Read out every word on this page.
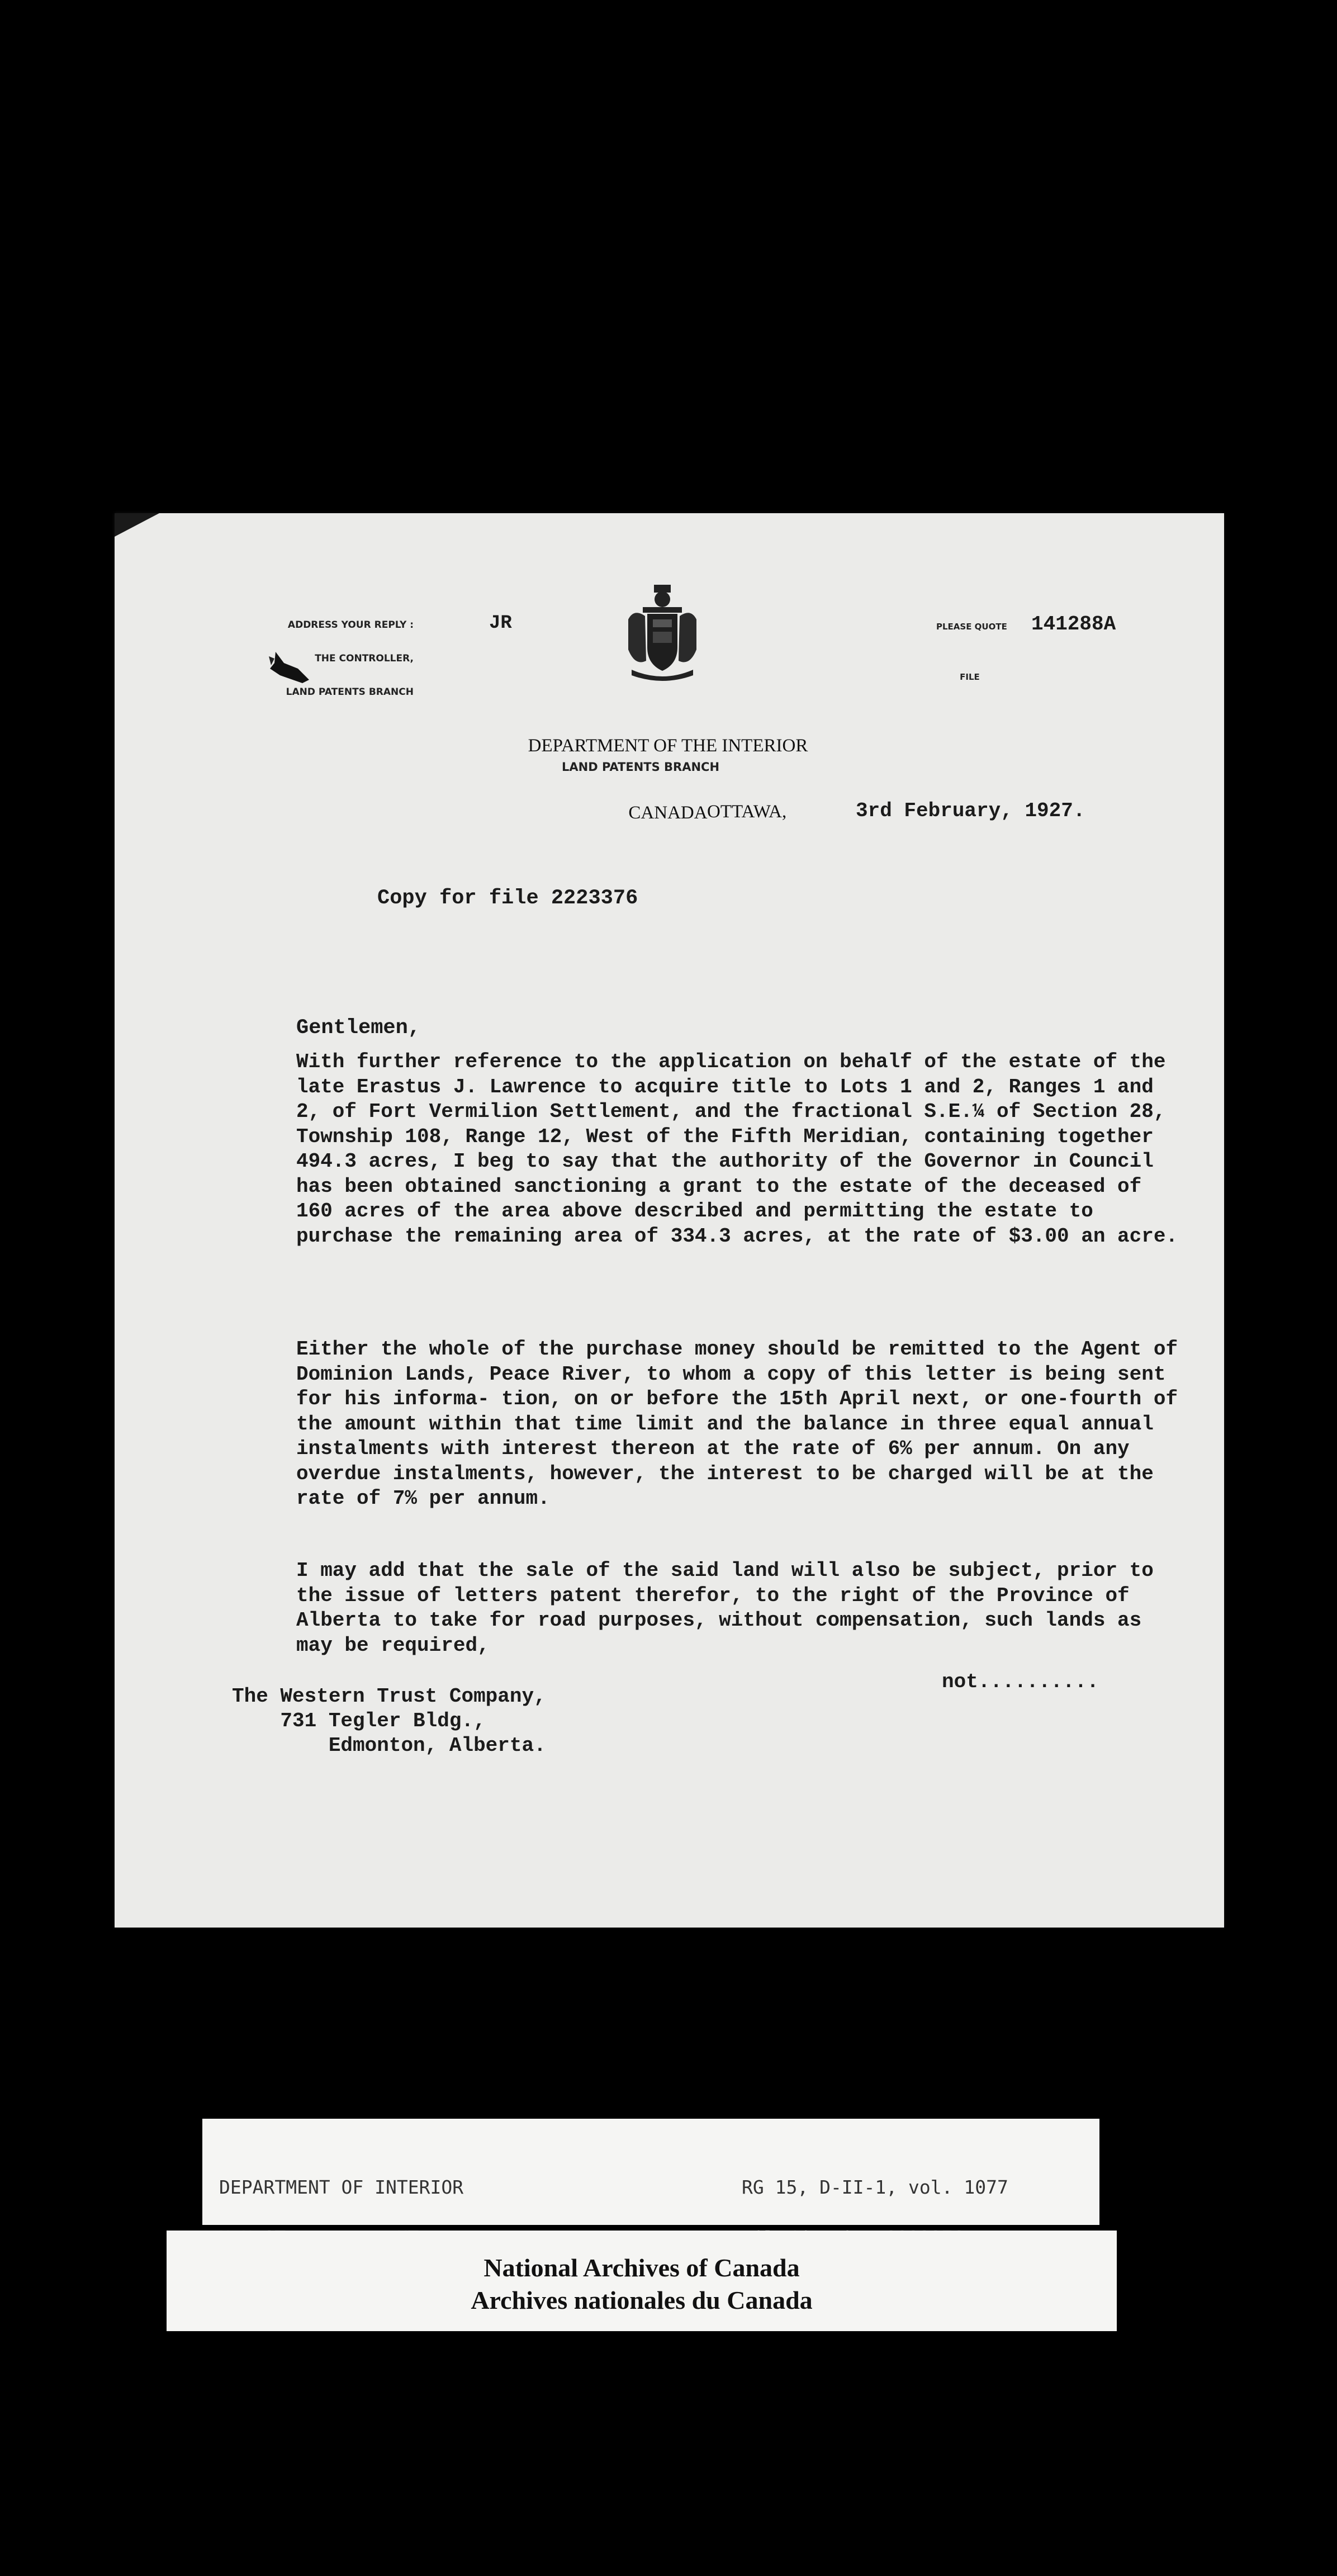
ADDRESS YOUR REPLY :

THE CONTROLLER,

LAND PATENTS BRANCH

JR

DEPARTMENT OF THE INTERIOR

CANADA

LAND PATENTS BRANCH

PLEASE QUOTE

FILE

141288A
OTTAWA,	3rd February, 1927.
Copy for file 2223376
Gentlemen,
With further reference to the application on behalf of the estate of the late Erastus J. Lawrence to acquire title to Lots 1 and 2, Ranges 1 and 2, of Fort Vermilion Settlement, and the fractional S.E.¼ of Section 28, Township 108, Range 12, West of the Fifth Meridian, containing together 494.3 acres, I beg to say that the authority of the Governor in Council has been obtained sanctioning a grant to the estate of the deceased of 160 acres of the area above described and permitting the estate to purchase the remaining area of 334.3 acres, at the rate of $3.00 an acre.
Either the whole of the purchase money should be remitted to the Agent of Dominion Lands, Peace River, to whom a copy of this letter is being sent for his informa- tion, on or before the 15th April next, or one-fourth of the amount within that time limit and the balance in three equal annual instalments with interest thereon at the rate of 6% per annum. On any overdue instalments, however, the interest to be charged will be at the rate of 7% per annum.
I may add that the sale of the said land will also be subject, prior to the issue of letters patent therefor, to the right of the Province of Alberta to take for road purposes, without compensation, such lands as may be required,
not..........
The Western Trust Company,
731 Tegler Bldg.,
Edmonton, Alberta.

DEPARTMENT OF INTERIOR

	RG 15, D-II-1, vol. 1077

National Archives of Canada
Archives nationales du Canada
